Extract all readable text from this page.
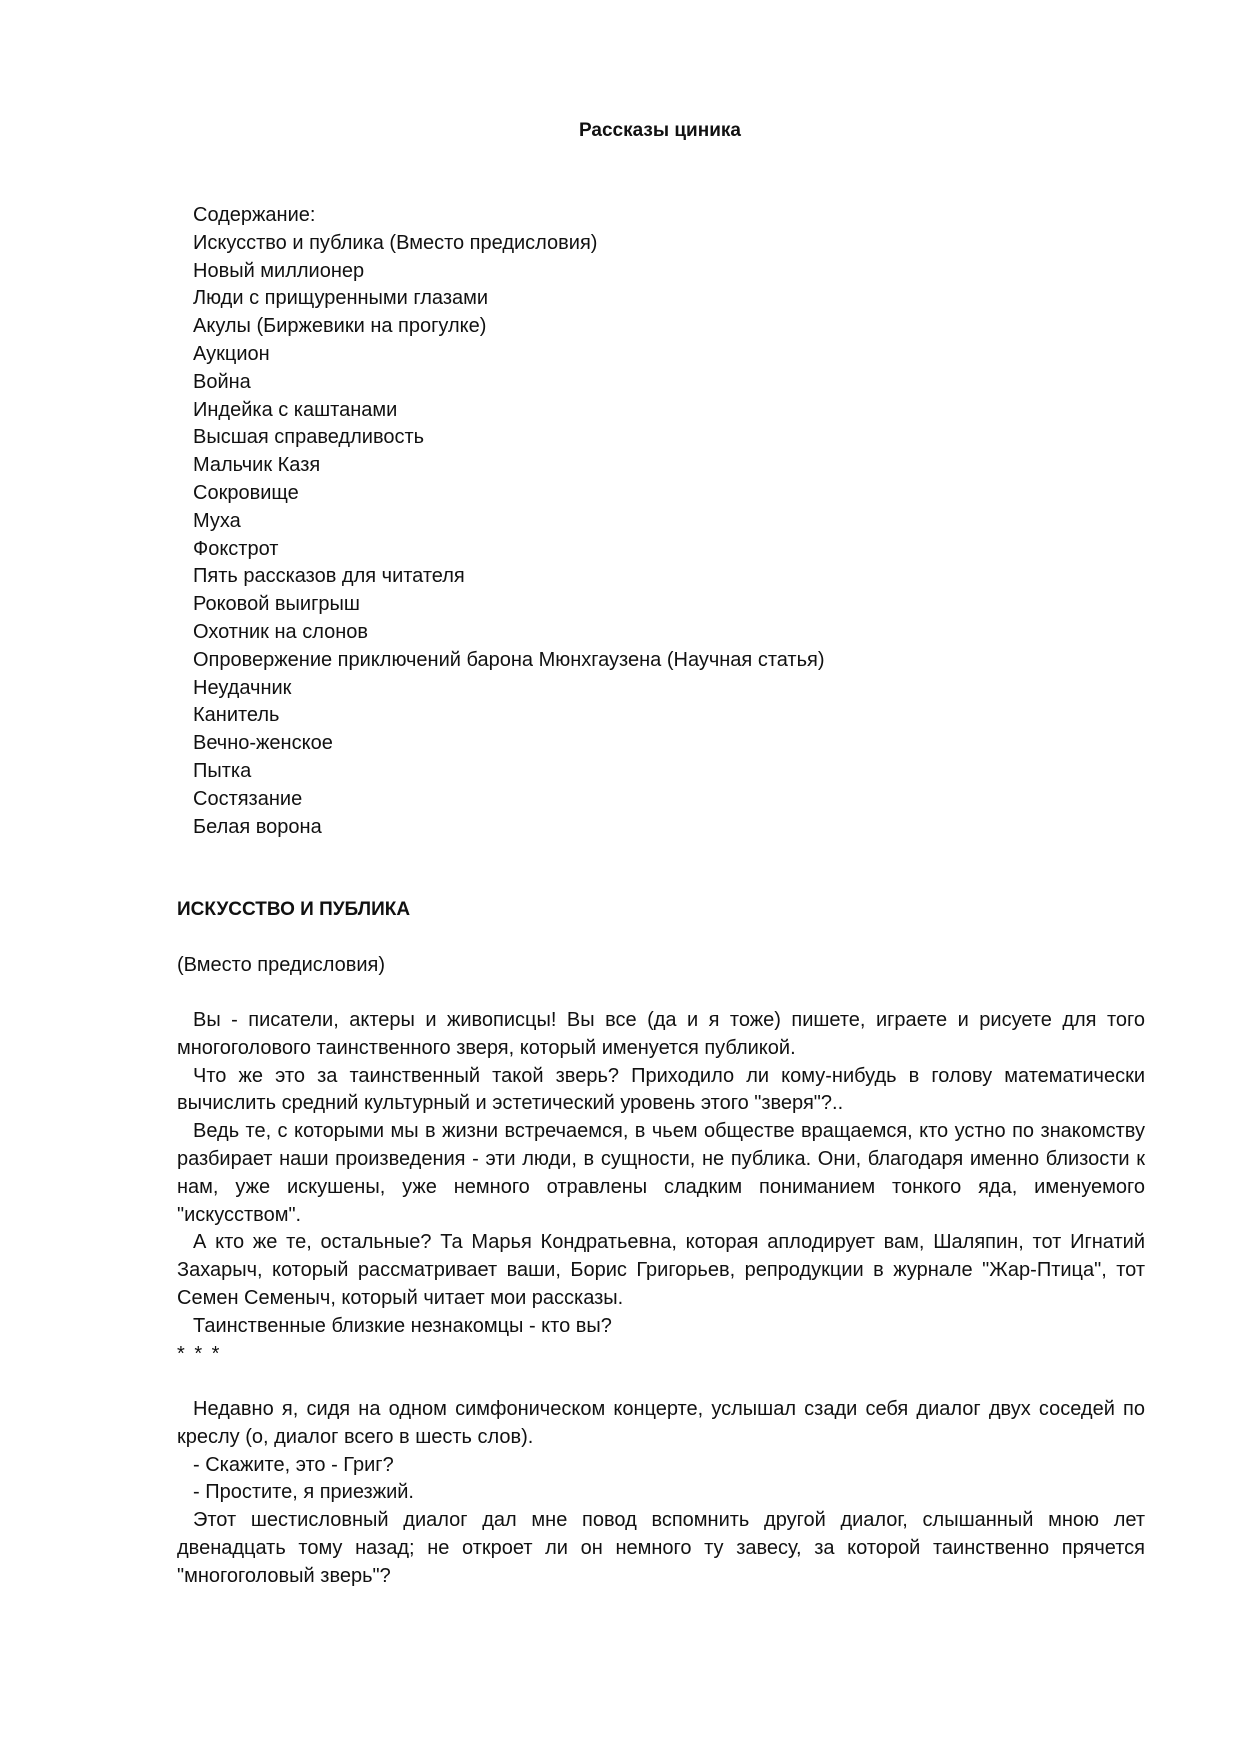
Рассказы циника
Содержание:
Искусство и публика (Вместо предисловия)
Новый миллионер
Люди с прищуренными глазами
Акулы (Биржевики на прогулке)
Аукцион
Война
Индейка с каштанами
Высшая справедливость
Мальчик Казя
Сокровище
Муха
Фокстрот
Пять рассказов для читателя
Роковой выигрыш
Охотник на слонов
Опровержение приключений барона Мюнхгаузена (Научная статья)
Неудачник
Канитель
Вечно-женское
Пытка
Состязание
Белая ворона
ИСКУССТВО И ПУБЛИКА
(Вместо предисловия)

Вы - писатели, актеры и живописцы! Вы все (да и я тоже) пишете, играете и рисуете для того многоголового таинственного зверя, который именуется публикой.

Что же это за таинственный такой зверь? Приходило ли кому-нибудь в голову математически вычислить средний культурный и эстетический уровень этого "зверя"?..

Ведь те, с которыми мы в жизни встречаемся, в чьем обществе вращаемся, кто устно по знакомству разбирает наши произведения - эти люди, в сущности, не публика. Они, благодаря именно близости к нам, уже искушены, уже немного отравлены сладким пониманием тонкого яда, именуемого "искусством".

А кто же те, остальные? Та Марья Кондратьевна, которая аплодирует вам, Шаляпин, тот Игнатий Захарыч, который рассматривает ваши, Борис Григорьев, репродукции в журнале "Жар-Птица", тот Семен Семеныч, который читает мои рассказы.

Таинственные близкие незнакомцы - кто вы?

* * *

Недавно я, сидя на одном симфоническом концерте, услышал сзади себя диалог двух соседей по креслу (о, диалог всего в шесть слов).

- Скажите, это - Григ?

- Простите, я приезжий.

Этот шестисловный диалог дал мне повод вспомнить другой диалог, слышанный мною лет двенадцать тому назад; не откроет ли он немного ту завесу, за которой таинственно прячется "многоголовый зверь"?
